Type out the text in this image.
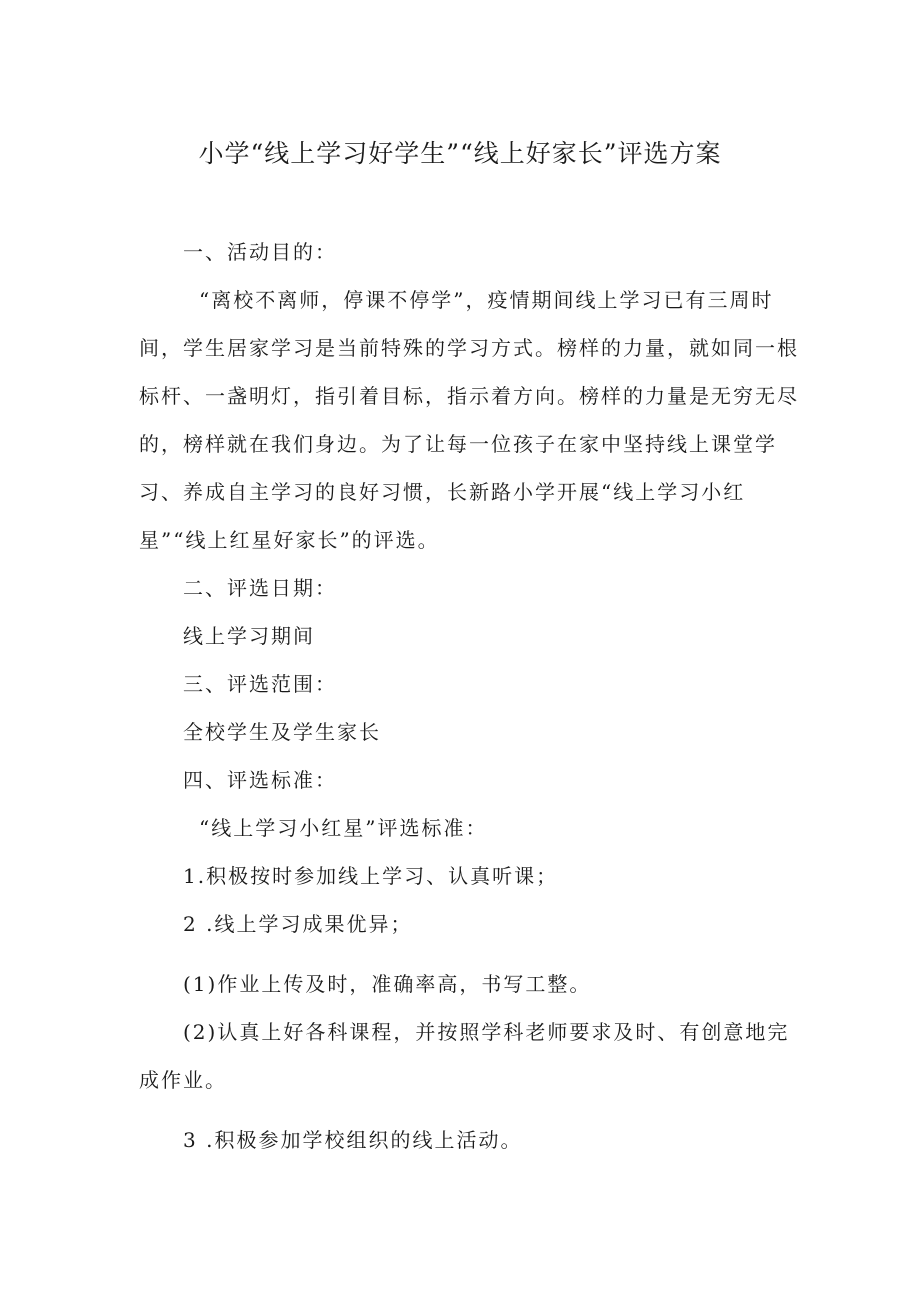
小学“线上学习好学生”“线上好家长”评选方案

一、活动目的：

“离校不离师，停课不停学”，疫情期间线上学习已有三周时间，学生居家学习是当前特殊的学习方式。榜样的力量，就如同一根标杆、一盏明灯，指引着目标，指示着方向。榜样的力量是无穷无尽的，榜样就在我们身边。为了让每一位孩子在家中坚持线上课堂学习、养成自主学习的良好习惯，长新路小学开展“线上学习小红星”“线上红星好家长”的评选。

二、评选日期：

线上学习期间

三、评选范围：

全校学生及学生家长

四、评选标准：

“线上学习小红星”评选标准：

1.积极按时参加线上学习、认真听课；

2 .线上学习成果优异；

(1)作业上传及时，准确率高，书写工整。

(2)认真上好各科课程，并按照学科老师要求及时、有创意地完成作业。

3 .积极参加学校组织的线上活动。
